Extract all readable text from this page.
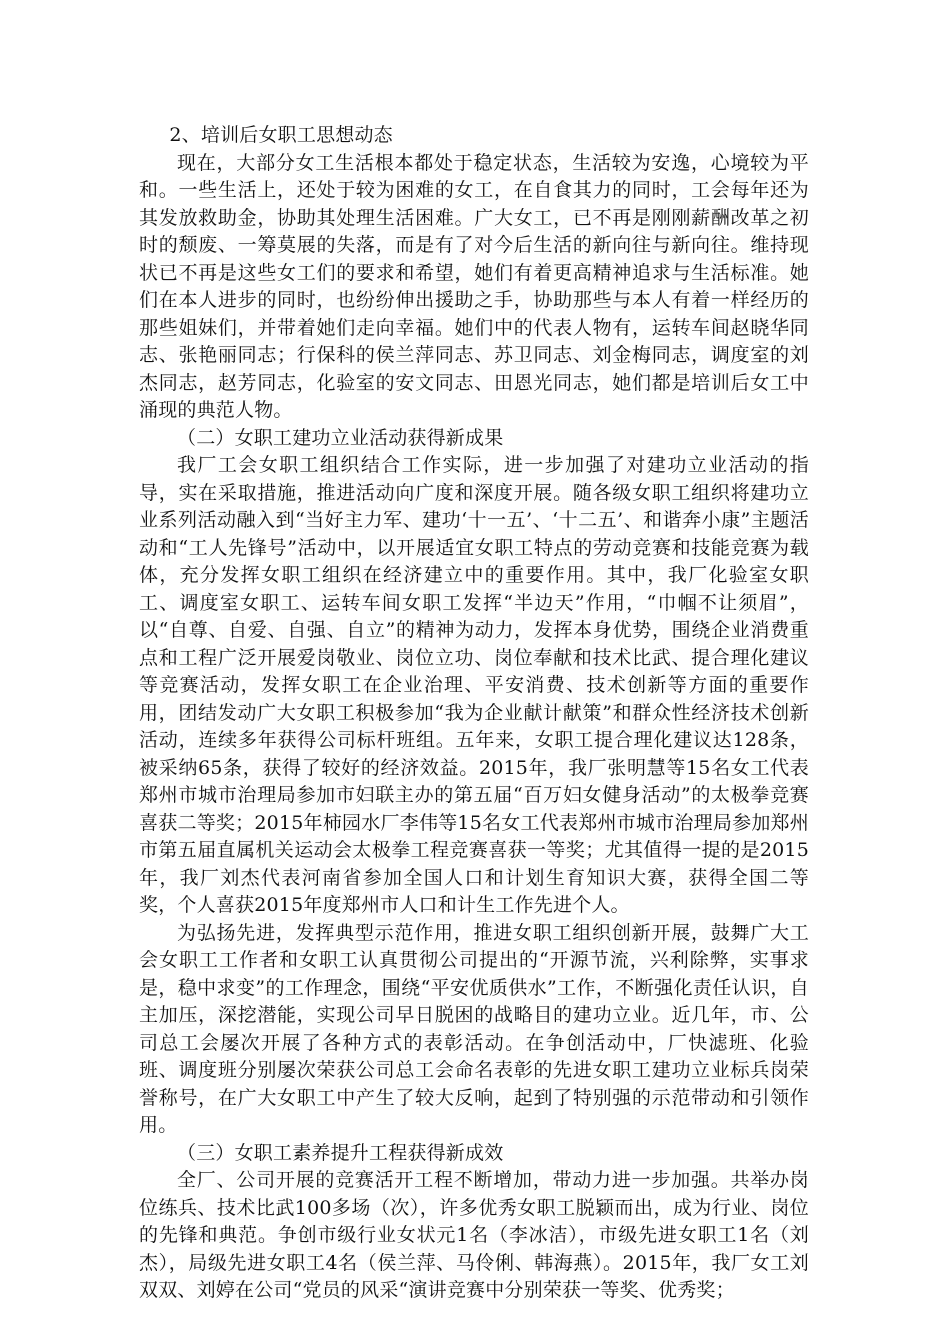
2、培训后女职工思想动态

现在，大部分女工生活根本都处于稳定状态，生活较为安逸，心境较为平和。一些生活上，还处于较为困难的女工，在自食其力的同时，工会每年还为其发放救助金，协助其处理生活困难。广大女工，已不再是刚刚薪酬改革之初时的颓废、一筹莫展的失落，而是有了对今后生活的新向往与新向往。维持现状已不再是这些女工们的要求和希望，她们有着更高精神追求与生活标准。她们在本人进步的同时，也纷纷伸出援助之手，协助那些与本人有着一样经历的那些姐妹们，并带着她们走向幸福。她们中的代表人物有，运转车间赵晓华同志、张艳丽同志；行保科的侯兰萍同志、苏卫同志、刘金梅同志，调度室的刘杰同志，赵芳同志，化验室的安文同志、田恩光同志，她们都是培训后女工中涌现的典范人物。

（二）女职工建功立业活动获得新成果

我厂工会女职工组织结合工作实际，进一步加强了对建功立业活动的指导，实在采取措施，推进活动向广度和深度开展。随各级女职工组织将建功立业系列活动融入到“当好主力军、建功‘十一五’、‘十二五’、和谐奔小康”主题活动和“工人先锋号”活动中，以开展适宜女职工特点的劳动竞赛和技能竞赛为载体，充分发挥女职工组织在经济建立中的重要作用。其中，我厂化验室女职工、调度室女职工、运转车间女职工发挥“半边天”作用，“巾帼不让须眉”，以“自尊、自爱、自强、自立”的精神为动力，发挥本身优势，围绕企业消费重点和工程广泛开展爱岗敬业、岗位立功、岗位奉献和技术比武、提合理化建议等竞赛活动，发挥女职工在企业治理、平安消费、技术创新等方面的重要作用，团结发动广大女职工积极参加“我为企业献计献策”和群众性经济技术创新活动，连续多年获得公司标杆班组。五年来，女职工提合理化建议达128条，被采纳65条，获得了较好的经济效益。2015年，我厂张明慧等15名女工代表郑州市城市治理局参加市妇联主办的第五届“百万妇女健身活动”的太极拳竞赛喜获二等奖；2015年柿园水厂李伟等15名女工代表郑州市城市治理局参加郑州市第五届直属机关运动会太极拳工程竞赛喜获一等奖；尤其值得一提的是2015年，我厂刘杰代表河南省参加全国人口和计划生育知识大赛，获得全国二等奖，个人喜获2015年度郑州市人口和计生工作先进个人。

为弘扬先进，发挥典型示范作用，推进女职工组织创新开展，鼓舞广大工会女职工工作者和女职工认真贯彻公司提出的“开源节流，兴利除弊，实事求是，稳中求变”的工作理念，围绕“平安优质供水”工作，不断强化责任认识，自主加压，深挖潜能，实现公司早日脱困的战略目的建功立业。近几年，市、公司总工会屡次开展了各种方式的表彰活动。在争创活动中，厂快滤班、化验班、调度班分别屡次荣获公司总工会命名表彰的先进女职工建功立业标兵岗荣誉称号，在广大女职工中产生了较大反响，起到了特别强的示范带动和引领作用。

（三）女职工素养提升工程获得新成效

全厂、公司开展的竞赛活开工程不断增加，带动力进一步加强。共举办岗位练兵、技术比武100多场（次），许多优秀女职工脱颖而出，成为行业、岗位的先锋和典范。争创市级行业女状元1名（李冰洁），市级先进女职工1名（刘杰），局级先进女职工4名（侯兰萍、马伶俐、韩海燕）。2015年，我厂女工刘双双、刘婷在公司“党员的风采“演讲竞赛中分别荣获一等奖、优秀奖；
